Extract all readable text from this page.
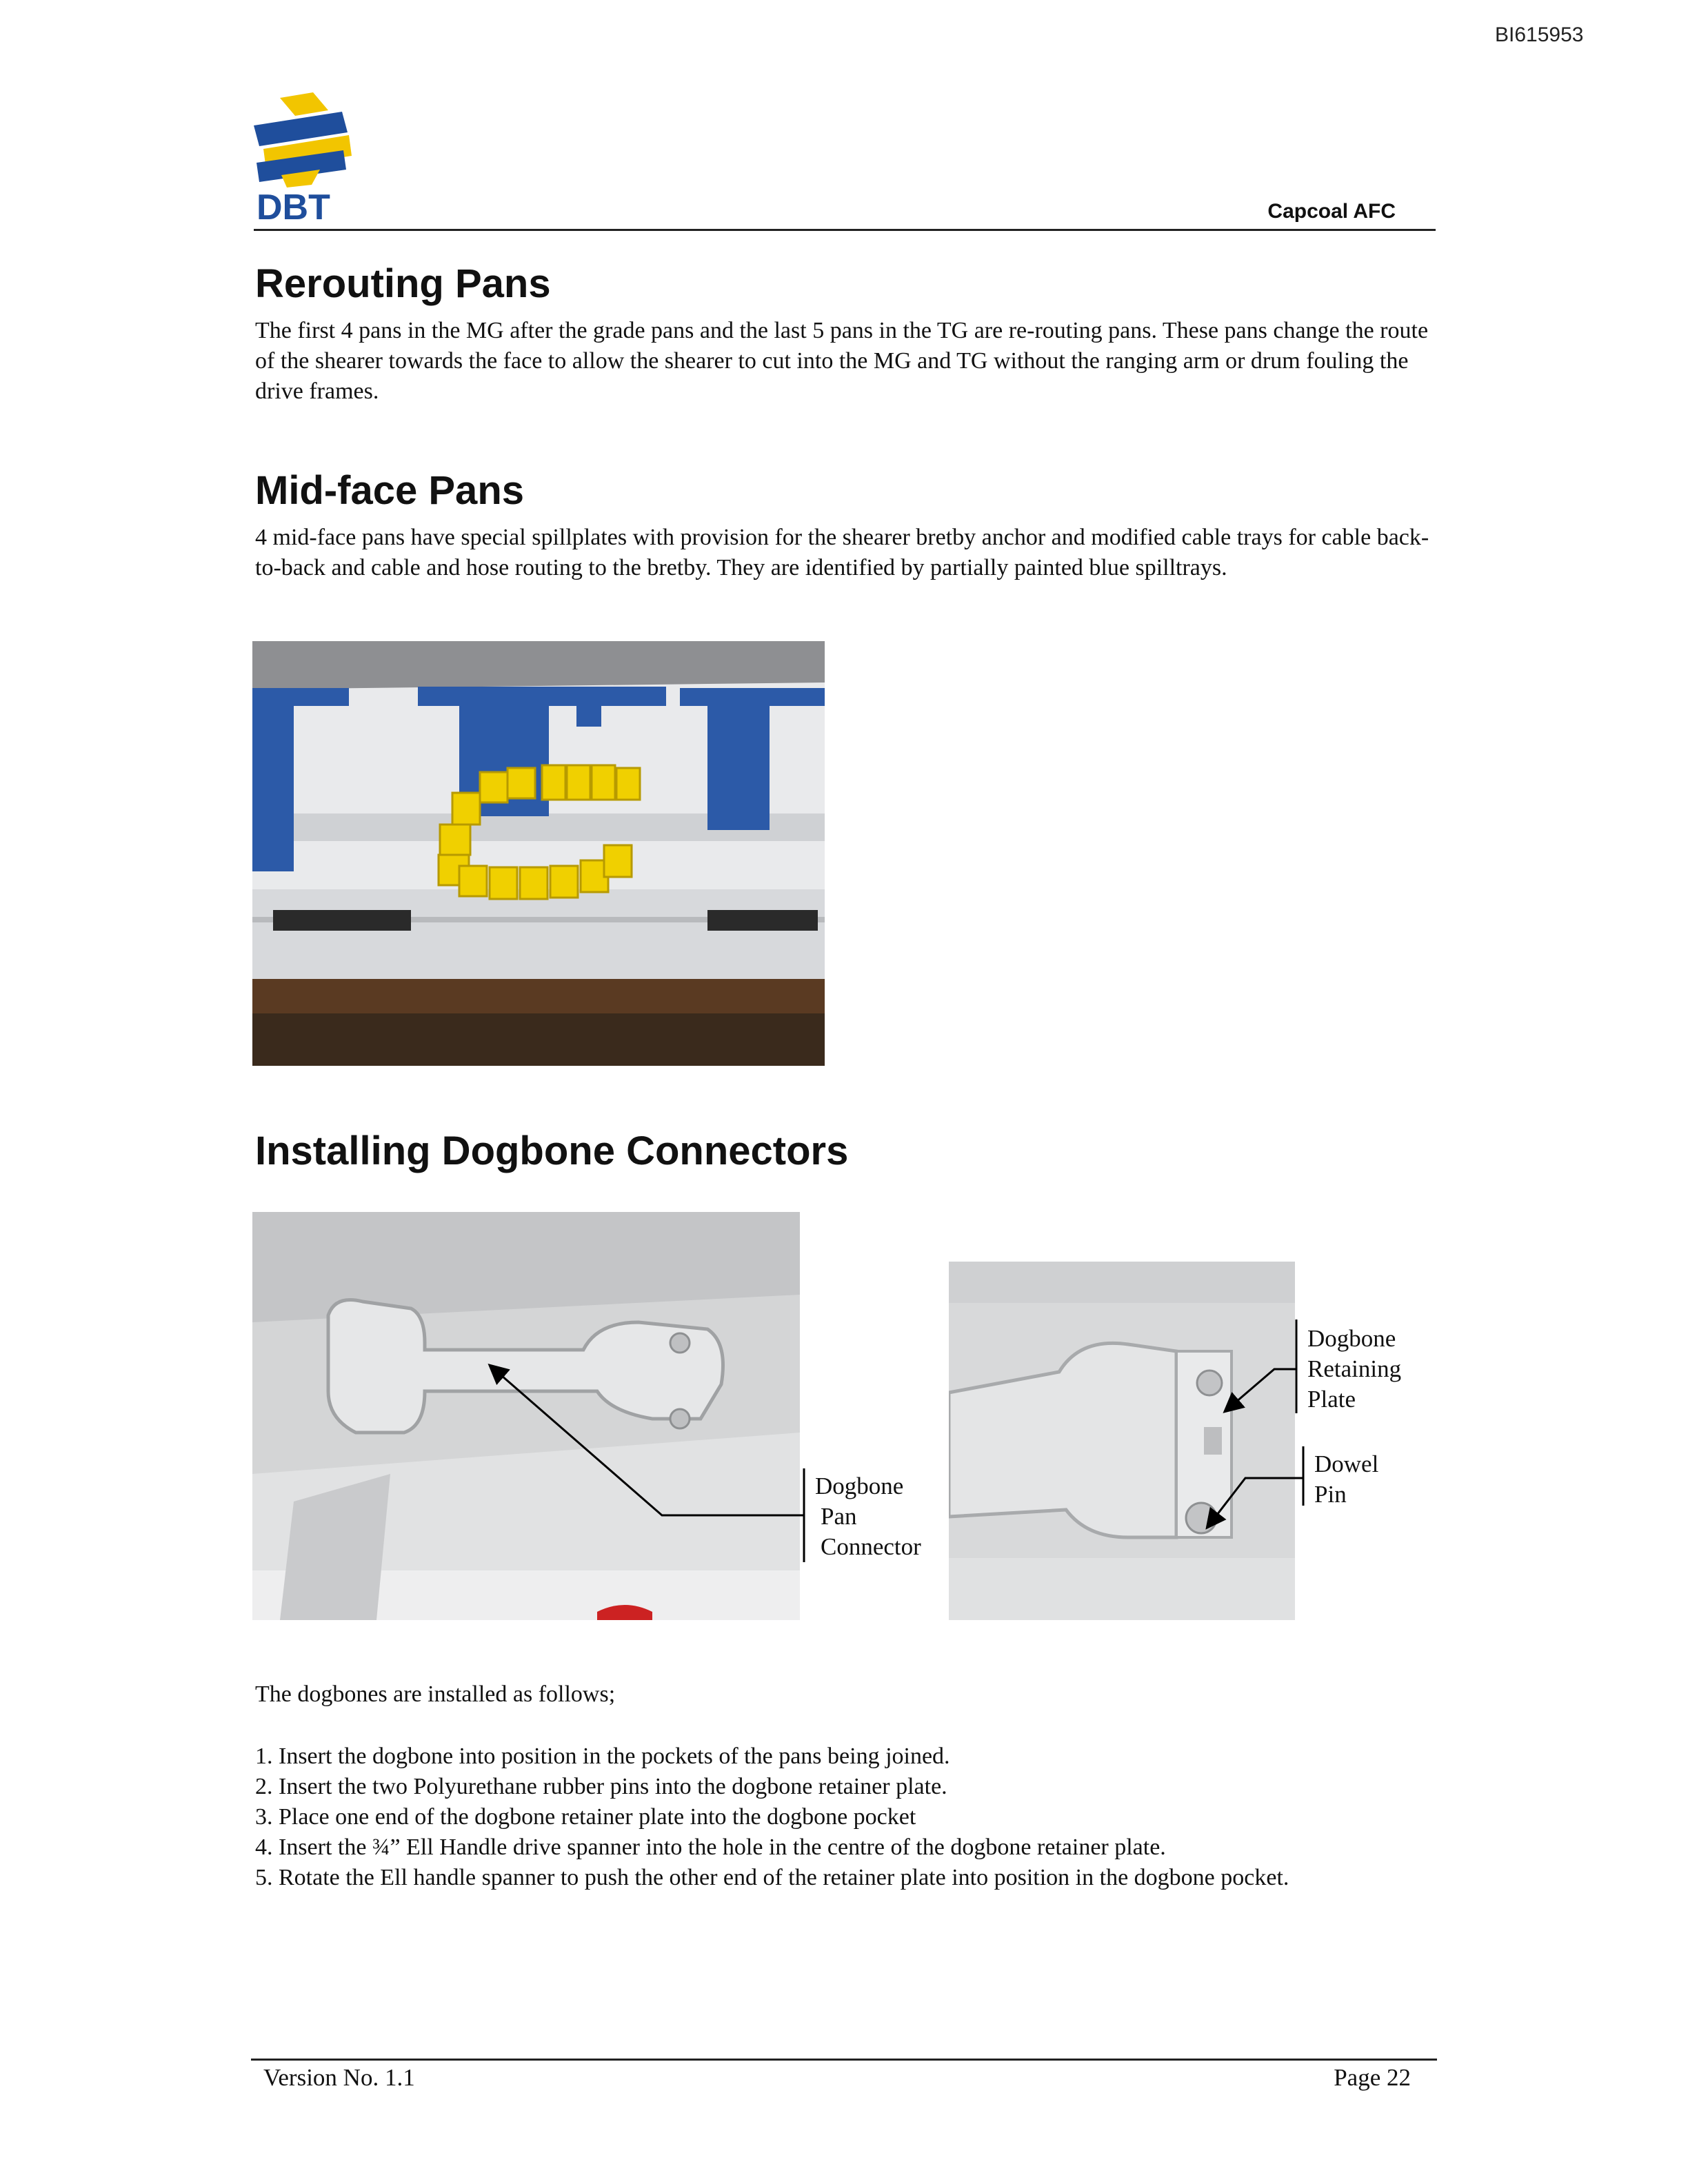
BI615953
DBT	Capcoal AFC
Rerouting Pans
The first 4 pans in the MG after the grade pans and the last 5 pans in the TG are re-routing pans. These pans change the route of the shearer towards the face to allow the shearer to cut into the MG and TG without the ranging arm or drum fouling the drive frames.
Mid-face Pans
4 mid-face pans have special spillplates with provision for the shearer bretby anchor and modified cable trays for cable back-to-back and cable and hose routing to the bretby. They are identified by partially painted blue spilltrays.
Installing Dogbone Connectors
Dogbone
Pan
Connector
Dogbone
Retaining
Plate
Dowel
Pin
The dogbones are installed as follows;
1. Insert the dogbone into position in the pockets of the pans being joined.
2. Insert the two Polyurethane rubber pins into the dogbone retainer plate.
3. Place one end of the dogbone retainer plate into the dogbone pocket
4. Insert the ¾” Ell Handle drive spanner into the hole in the centre of the dogbone retainer plate.
5. Rotate the Ell handle spanner to push the other end of the retainer plate into position in the dogbone pocket.
Version No. 1.1	Page 22
